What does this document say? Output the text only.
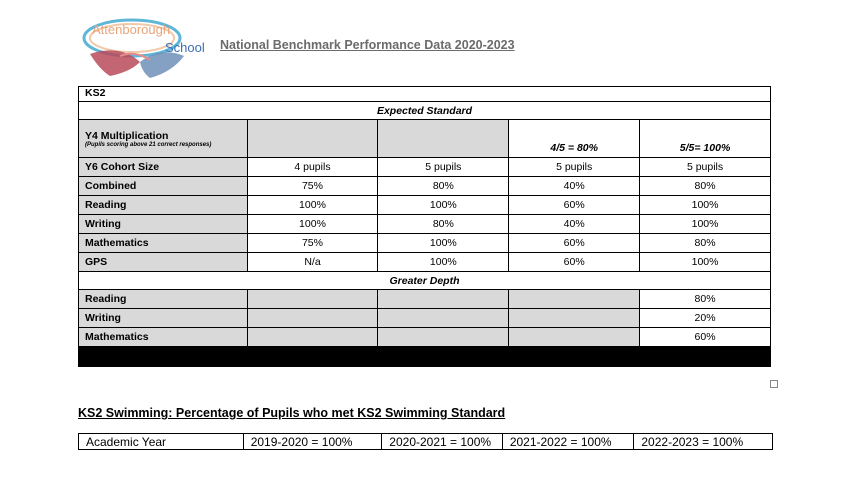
Attenborough
School National Benchmark Performance Data 2020-2023
KS2				
Expected Standard				
Y4 Multiplication
(Pupils scoring above 21 correct responses)			4/5 = 80%	5/5= 100%
Y6 Cohort Size	4 pupils	5 pupils	5 pupils	5 pupils
Combined	75%	80%	40%	80%
Reading	100%	100%	60%	100%
Writing	100%	80%	40%	100%
Mathematics	75%	100%	60%	80%
GPS	N/a	100%	60%	100%
Greater Depth				
Reading				80%
Writing				20%
Mathematics				60%

KS2 Swimming: Percentage of Pupils who met KS2 Swimming Standard
Academic Year	2019-2020 = 100%	2020-2021 = 100%	2021-2022 = 100%	2022-2023 = 100%
